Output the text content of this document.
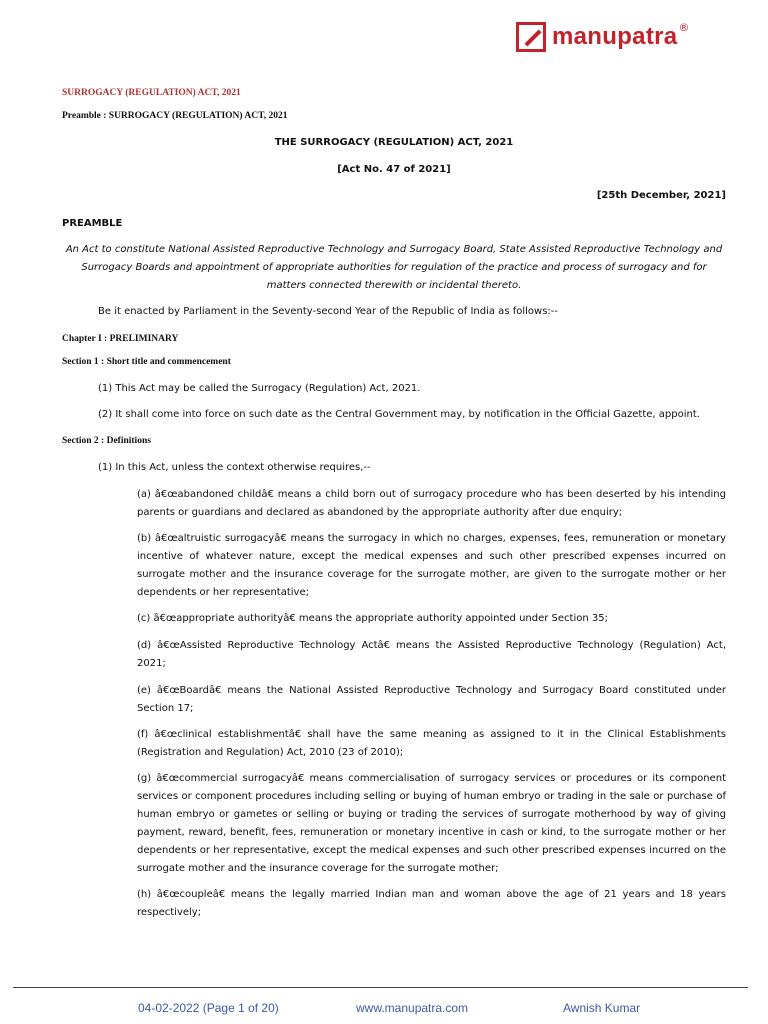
manupatra ®
SURROGACY (REGULATION) ACT, 2021
Preamble : SURROGACY (REGULATION) ACT, 2021
THE SURROGACY (REGULATION) ACT, 2021
[Act No. 47 of 2021]
[25th December, 2021]
PREAMBLE
An Act to constitute National Assisted Reproductive Technology and Surrogacy Board, State Assisted Reproductive Technology and Surrogacy Boards and appointment of appropriate authorities for regulation of the practice and process of surrogacy and for matters connected therewith or incidental thereto.
Be it enacted by Parliament in the Seventy-second Year of the Republic of India as follows:--
Chapter I : PRELIMINARY
Section 1 : Short title and commencement
(1) This Act may be called the Surrogacy (Regulation) Act, 2021.
(2) It shall come into force on such date as the Central Government may, by notification in the Official Gazette, appoint.
Section 2 : Definitions
(1) In this Act, unless the context otherwise requires,--
(a) â€œabandoned childâ€ means a child born out of surrogacy procedure who has been deserted by his intending parents or guardians and declared as abandoned by the appropriate authority after due enquiry;
(b) â€œaltruistic surrogacyâ€ means the surrogacy in which no charges, expenses, fees, remuneration or monetary incentive of whatever nature, except the medical expenses and such other prescribed expenses incurred on surrogate mother and the insurance coverage for the surrogate mother, are given to the surrogate mother or her dependents or her representative;
(c) â€œappropriate authorityâ€ means the appropriate authority appointed under Section 35;
(d) â€œAssisted Reproductive Technology Actâ€ means the Assisted Reproductive Technology (Regulation) Act, 2021;
(e) â€œBoardâ€ means the National Assisted Reproductive Technology and Surrogacy Board constituted under Section 17;
(f) â€œclinical establishmentâ€ shall have the same meaning as assigned to it in the Clinical Establishments (Registration and Regulation) Act, 2010 (23 of 2010);
(g) â€œcommercial surrogacyâ€ means commercialisation of surrogacy services or procedures or its component services or component procedures including selling or buying of human embryo or trading in the sale or purchase of human embryo or gametes or selling or buying or trading the services of surrogate motherhood by way of giving payment, reward, benefit, fees, remuneration or monetary incentive in cash or kind, to the surrogate mother or her dependents or her representative, except the medical expenses and such other prescribed expenses incurred on the surrogate mother and the insurance coverage for the surrogate mother;
(h) â€œcoupleâ€ means the legally married Indian man and woman above the age of 21 years and 18 years respectively;
04-02-2022 (Page 1 of 20)	www.manupatra.com	Awnish Kumar
